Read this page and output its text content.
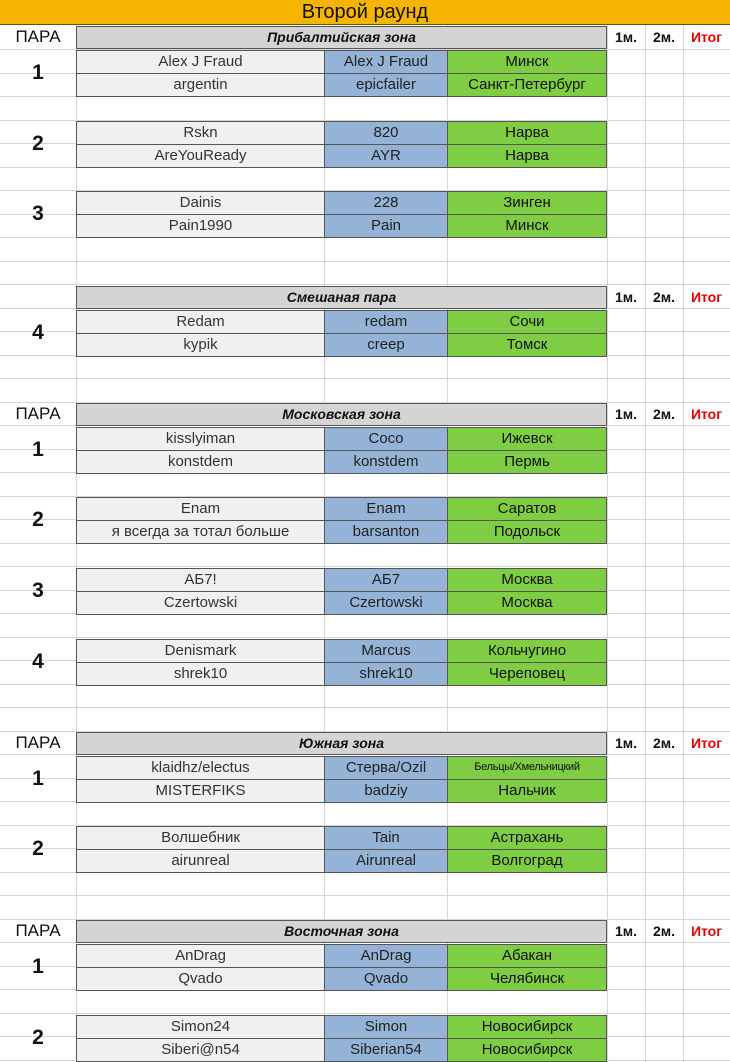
Второй раунд
ПАРА	Прибалтийская зона	1м.	2м.	Итог
1	Alex J Fraud	Alex J Fraud	Минск
argentin	epicfailer	Санкт-Петербург
2	Rskn	820	Нарва
AreYouReady	AYR	Нарва
3	Dainis	228	Зинген
Pain1990	Pain	Минск
Смешаная пара	1м.	2м.	Итог
4	Redam	redam	Сочи
kypik	creep	Томск
ПАРА	Московская зона	1м.	2м.	Итог
1	kisslyiman	Coco	Ижевск
konstdem	konstdem	Пермь
2	Enam	Enam	Саратов
я всегда за тотал больше	barsanton	Подольск
3	АБ7!	АБ7	Москва
Czertowski	Czertowski	Москва
4	Denismark	Marcus	Кольчугино
shrek10	shrek10	Череповец
ПАРА	Южная зона	1м.	2м.	Итог
1	klaidhz/electus	Стерва/Ozil	Бельцы/Хмельницкий
MISTERFIKS	badziy	Нальчик
2	Волшебник	Tain	Астрахань
airunreal	Airunreal	Волгоград
ПАРА	Восточная зона	1м.	2м.	Итог
1	AnDrag	AnDrag	Абакан
Qvado	Qvado	Челябинск
2	Simon24	Simon	Новосибирск
Siberi@n54	Siberian54	Новосибирск
